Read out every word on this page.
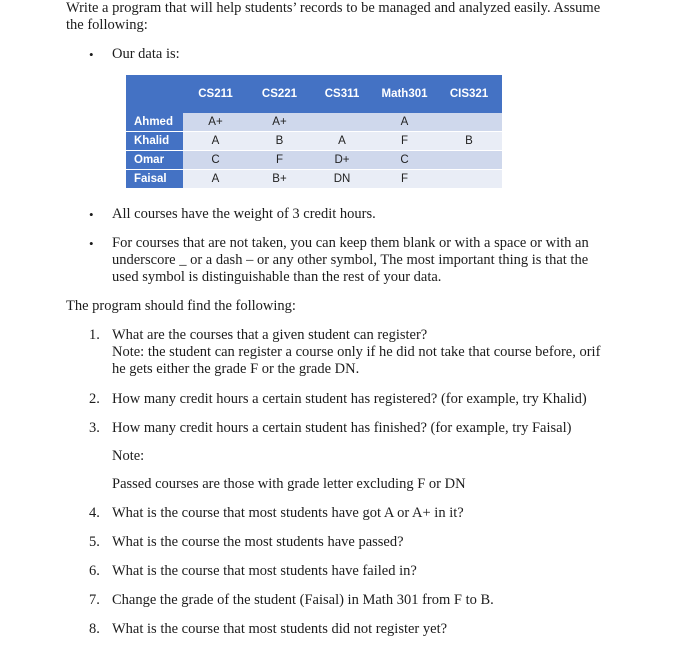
Write a program that will help students’ records to be managed and analyzed easily. Assume
the following:
• Our data is:
	CS211	CS221	CS311	Math301	CIS321
Ahmed	A+	A+		A	
Khalid	A	B	A	F	B
Omar	C	F	D+	C	
Faisal	A	B+	DN	F	
• All courses have the weight of 3 credit hours.
• For courses that are not taken, you can keep them blank or with a space or with an
underscore _ or a dash – or any other symbol, The most important thing is that the
used symbol is distinguishable than the rest of your data.
The program should find the following:
1. What are the courses that a given student can register?
Note: the student can register a course only if he did not take that course before, orif
he gets either the grade F or the grade DN.
2. How many credit hours a certain student has registered? (for example, try Khalid)
3. How many credit hours a certain student has finished? (for example, try Faisal)
Note:
Passed courses are those with grade letter excluding F or DN
4. What is the course that most students have got A or A+ in it?
5. What is the course the most students have passed?
6. What is the course that most students have failed in?
7. Change the grade of the student (Faisal) in Math 301 from F to B.
8. What is the course that most students did not register yet?
